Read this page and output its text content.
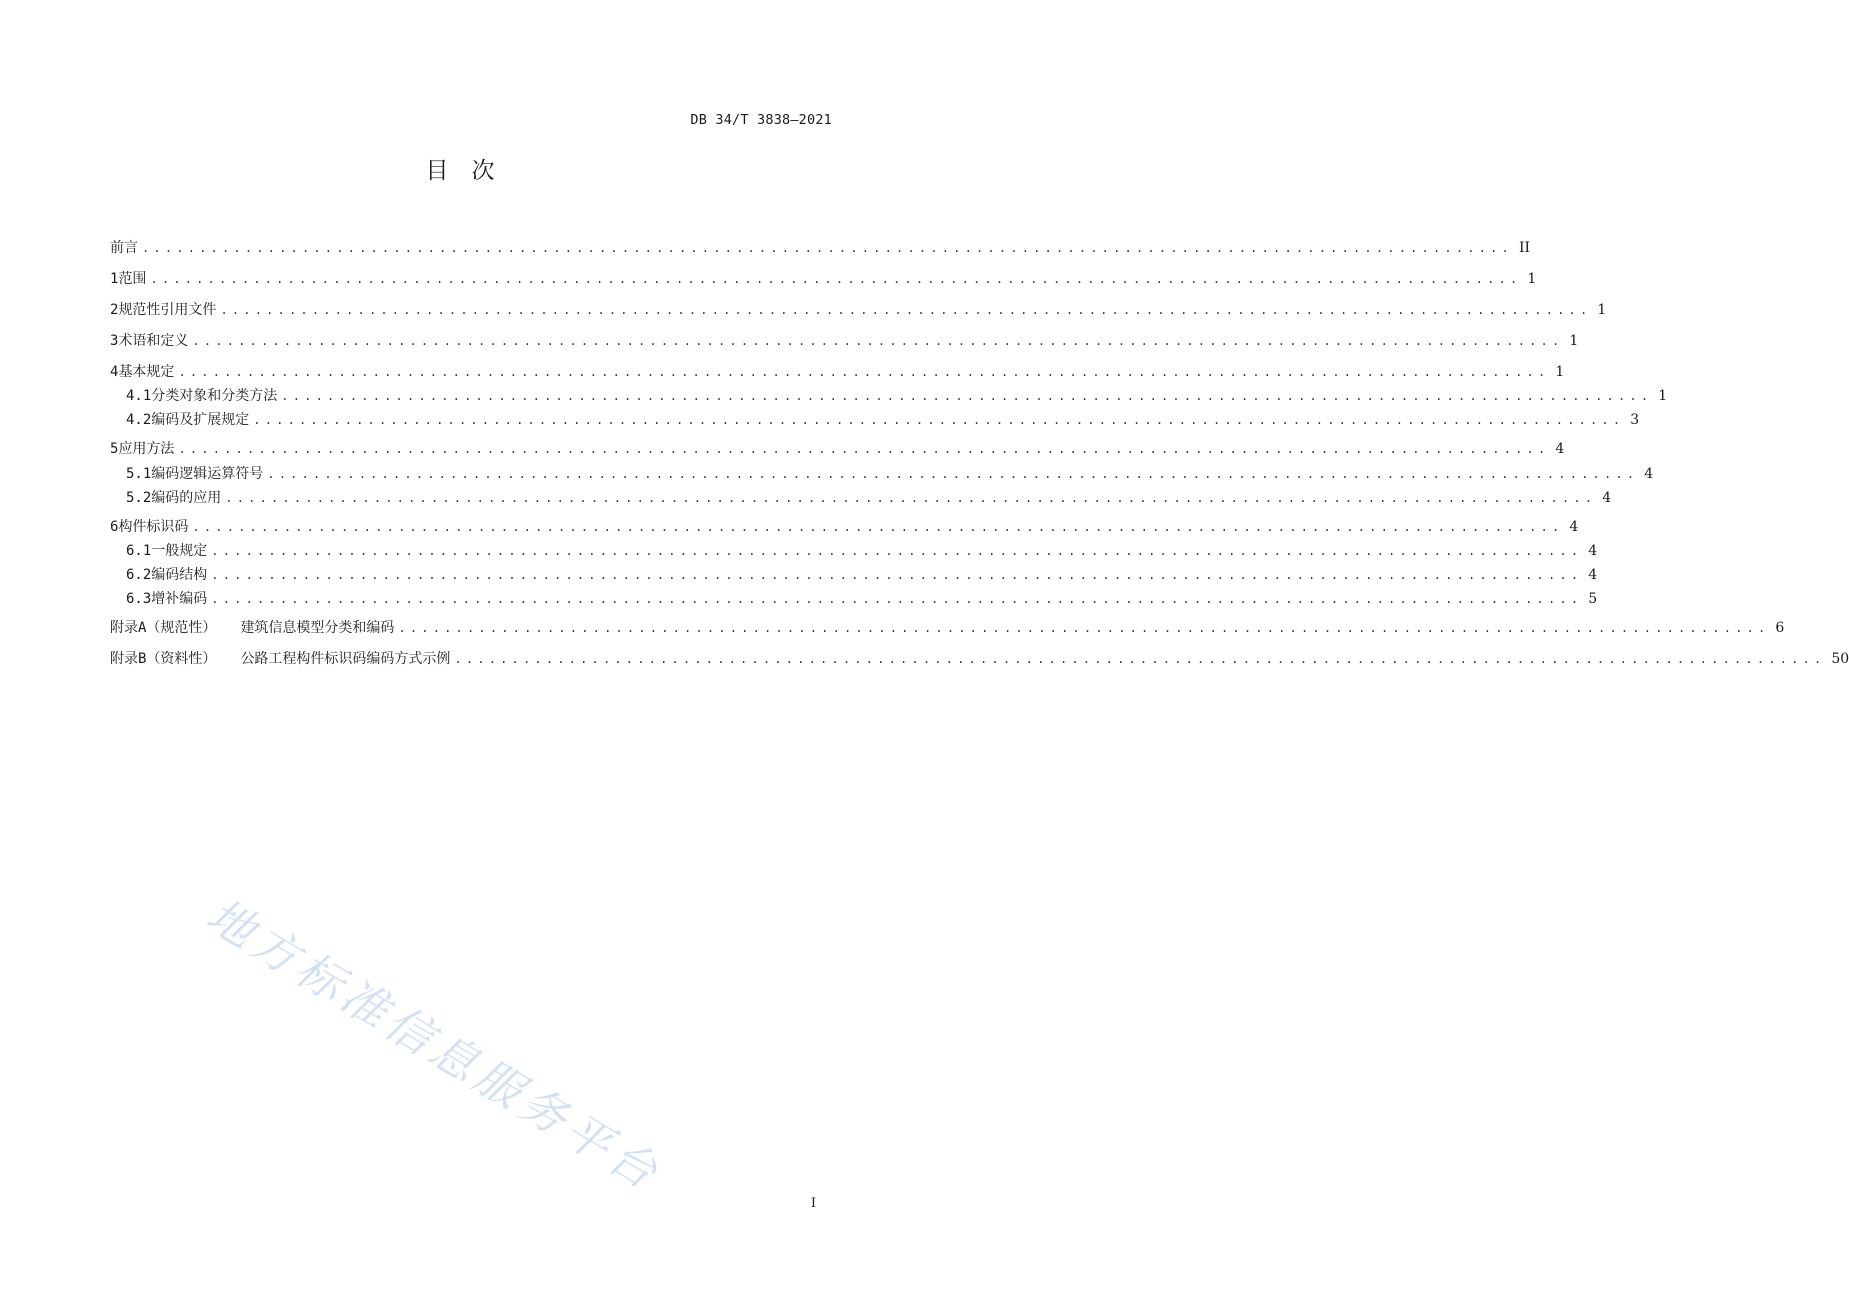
DB 34/T 3838—2021
目　次
前言 ........................................................................................................................ II
1 范围 ........................................................................................................................ 1
2 规范性引用文件 ........................................................................................................................ 1
3 术语和定义 ........................................................................................................................ 1
4 基本规定 ........................................................................................................................ 1
4.1 分类对象和分类方法 ........................................................................................................................ 1
4.2 编码及扩展规定 ........................................................................................................................ 3
5 应用方法 ........................................................................................................................ 4
5.1 编码逻辑运算符号 ........................................................................................................................ 4
5.2 编码的应用 ........................................................................................................................ 4
6 构件标识码 ........................................................................................................................ 4
6.1 一般规定 ........................................................................................................................ 4
6.2 编码结构 ........................................................................................................................ 4
6.3 增补编码 ........................................................................................................................ 5
附录A（规范性） 建筑信息模型分类和编码 ........................................................................................................................ 6
附录B（资料性） 公路工程构件标识码编码方式示例 ........................................................................................................................ 50
地方标准信息服务平台
I
